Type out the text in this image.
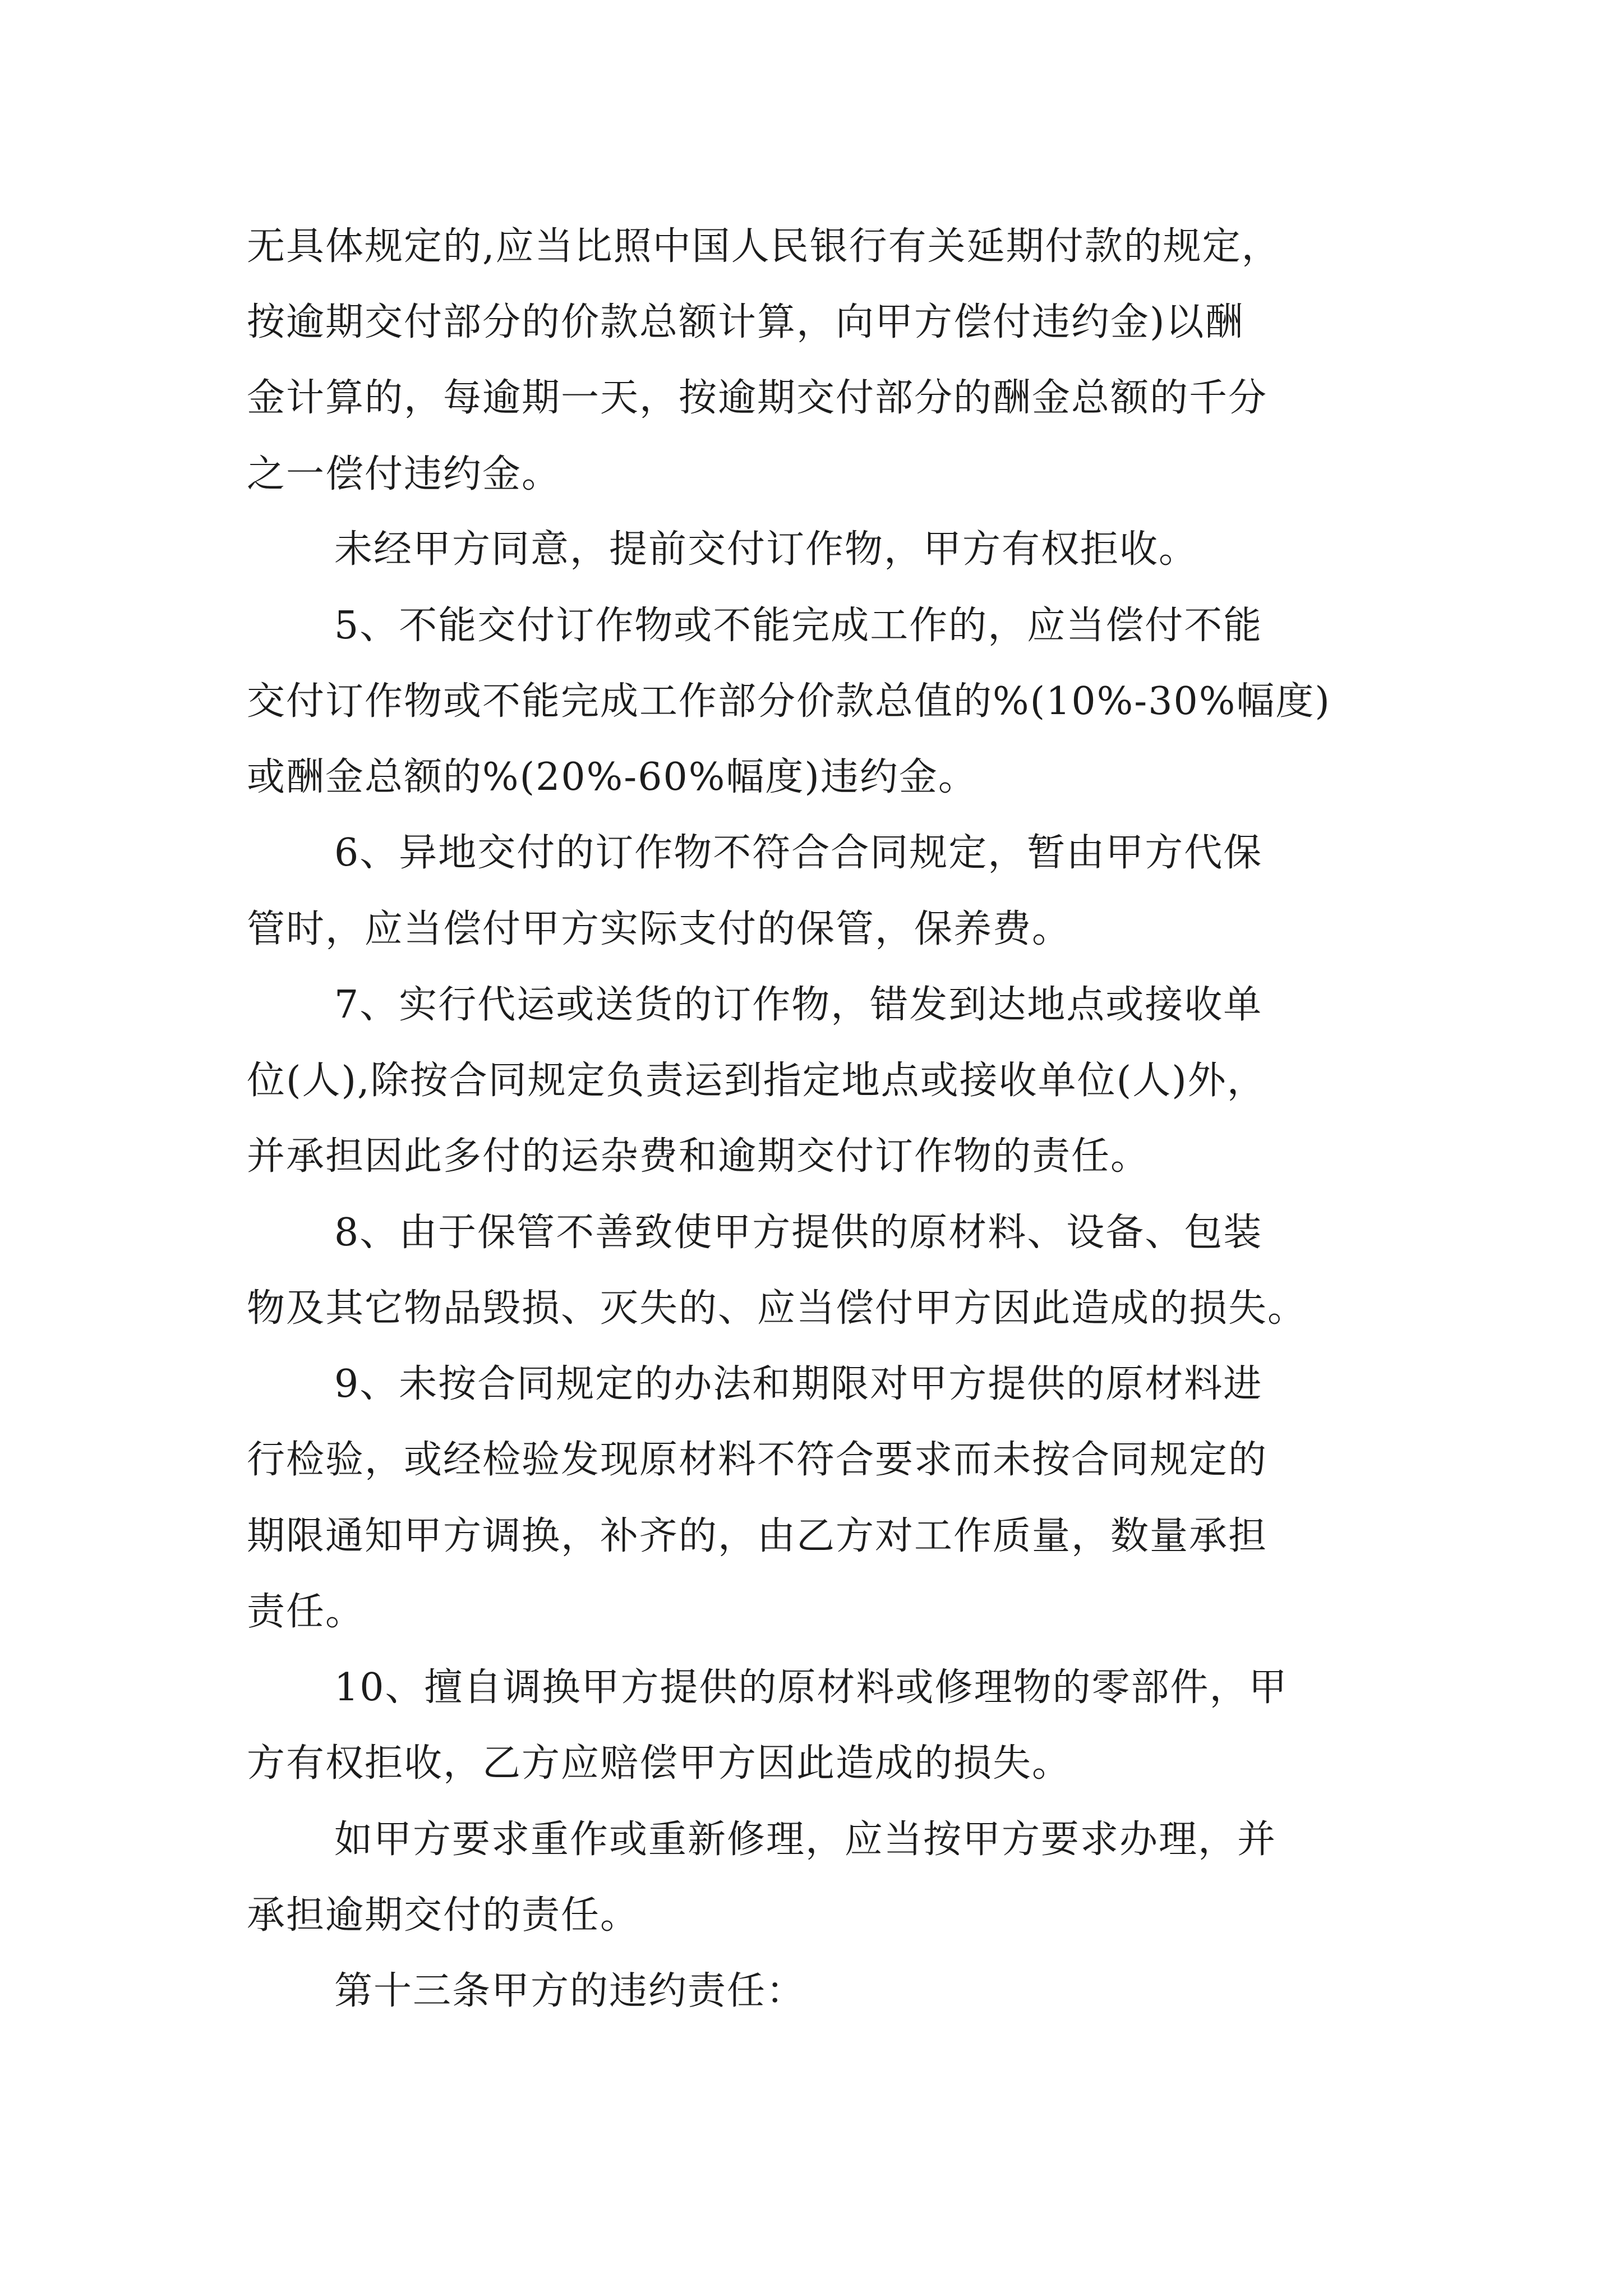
无具体规定的,应当比照中国人民银行有关延期付款的规定，
按逾期交付部分的价款总额计算，向甲方偿付违约金)以酬
金计算的，每逾期一天，按逾期交付部分的酬金总额的千分
之一偿付违约金。
未经甲方同意，提前交付订作物，甲方有权拒收。
5、不能交付订作物或不能完成工作的，应当偿付不能
交付订作物或不能完成工作部分价款总值的%(10%-30%幅度)
或酬金总额的%(20%-60%幅度)违约金。
6、异地交付的订作物不符合合同规定，暂由甲方代保
管时，应当偿付甲方实际支付的保管，保养费。
7、实行代运或送货的订作物，错发到达地点或接收单
位(人),除按合同规定负责运到指定地点或接收单位(人)外，
并承担因此多付的运杂费和逾期交付订作物的责任。
8、由于保管不善致使甲方提供的原材料、设备、包装
物及其它物品毁损、灭失的、应当偿付甲方因此造成的损失。
9、未按合同规定的办法和期限对甲方提供的原材料进
行检验，或经检验发现原材料不符合要求而未按合同规定的
期限通知甲方调换，补齐的，由乙方对工作质量，数量承担
责任。
10、擅自调换甲方提供的原材料或修理物的零部件，甲
方有权拒收，乙方应赔偿甲方因此造成的损失。
如甲方要求重作或重新修理，应当按甲方要求办理，并
承担逾期交付的责任。
第十三条甲方的违约责任：
